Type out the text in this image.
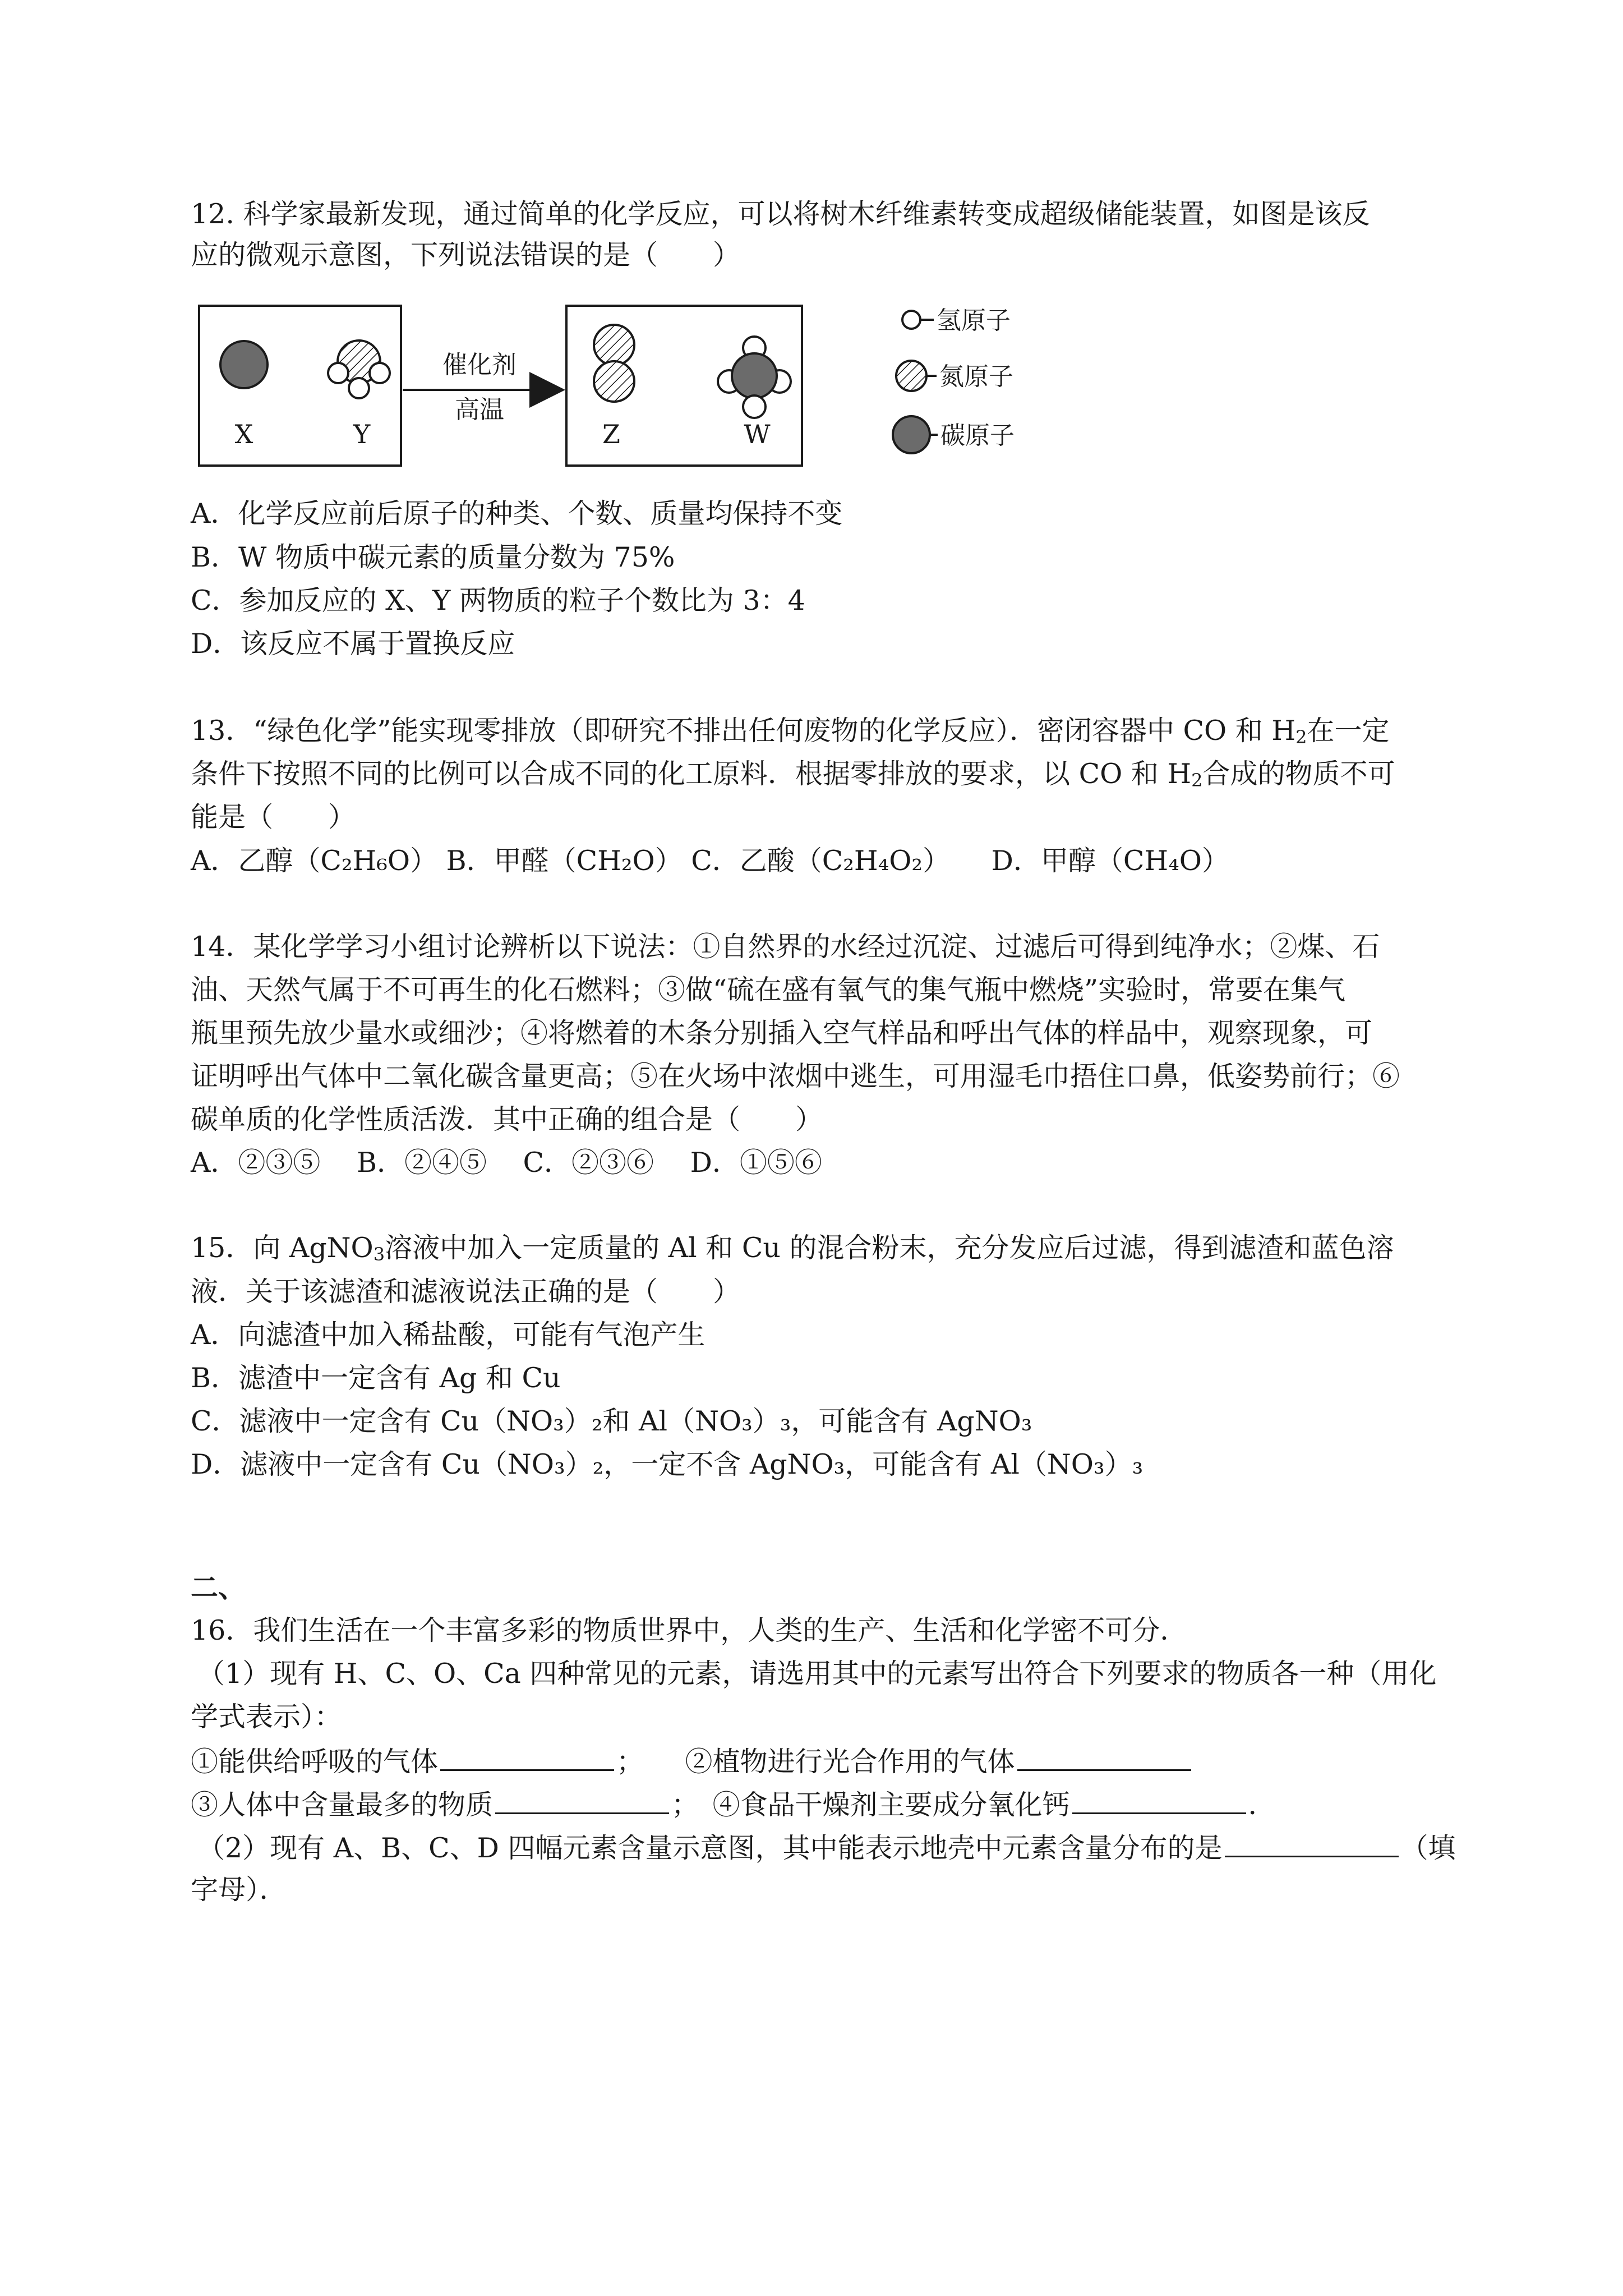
12. 科学家最新发现，通过简单的化学反应，可以将树木纤维素转变成超级储能装置，如图是该反
应的微观示意图，下列说法错误的是（　　）
X	Y
催化剂
高温
Z	W
氢原子
氮原子
碳原子
A．化学反应前后原子的种类、个数、质量均保持不变
B．W 物质中碳元素的质量分数为 75%
C．参加反应的 X、Y 两物质的粒子个数比为 3：4
D．该反应不属于置换反应
13．“绿色化学”能实现零排放（即研究不排出任何废物的化学反应）．密闭容器中 CO 和 $H_2$在一定
条件下按照不同的比例可以合成不同的化工原料．根据零排放的要求，以 CO 和 $H_2$合成的物质不可
能是（　　）
A．乙醇（C₂H₆O） B．甲醛（CH₂O） C．乙酸（C₂H₄O₂）　　D．甲醇（CH₄O）
14．某化学学习小组讨论辨析以下说法：①自然界的水经过沉淀、过滤后可得到纯净水；②煤、石
油、天然气属于不可再生的化石燃料；③做“硫在盛有氧气的集气瓶中燃烧”实验时，常要在集气
瓶里预先放少量水或细沙；④将燃着的木条分别插入空气样品和呼出气体的样品中，观察现象，可
证明呼出气体中二氧化碳含量更高；⑤在火场中浓烟中逃生，可用湿毛巾捂住口鼻，低姿势前行；⑥
碳单质的化学性质活泼．其中正确的组合是（　　）
A．②③⑤　 B．②④⑤　 C．②③⑥　 D．①⑤⑥
15．向 AgNO$_3$溶液中加入一定质量的 Al 和 Cu 的混合粉末，充分发应后过滤，得到滤渣和蓝色溶
液．关于该滤渣和滤液说法正确的是（　　）
A．向滤渣中加入稀盐酸，可能有气泡产生
B．滤渣中一定含有 Ag 和 Cu
C．滤液中一定含有 Cu（NO₃）₂和 Al（NO₃）₃，可能含有 AgNO₃
D．滤液中一定含有 Cu（NO₃）₂，一定不含 AgNO₃，可能含有 Al（NO₃）₃
二、
16．我们生活在一个丰富多彩的物质世界中，人类的生产、生活和化学密不可分．
（1）现有 H、C、O、Ca 四种常见的元素，请选用其中的元素写出符合下列要求的物质各一种（用化
学式表示）：
①能供给呼吸的气体	；　　 ②植物进行光合作用的气体
③人体中含量最多的物质	；　 ④食品干燥剂主要成分氧化钙	．
（2）现有 A、B、C、D 四幅元素含量示意图，其中能表示地壳中元素含量分布的是	（填
字母）．
